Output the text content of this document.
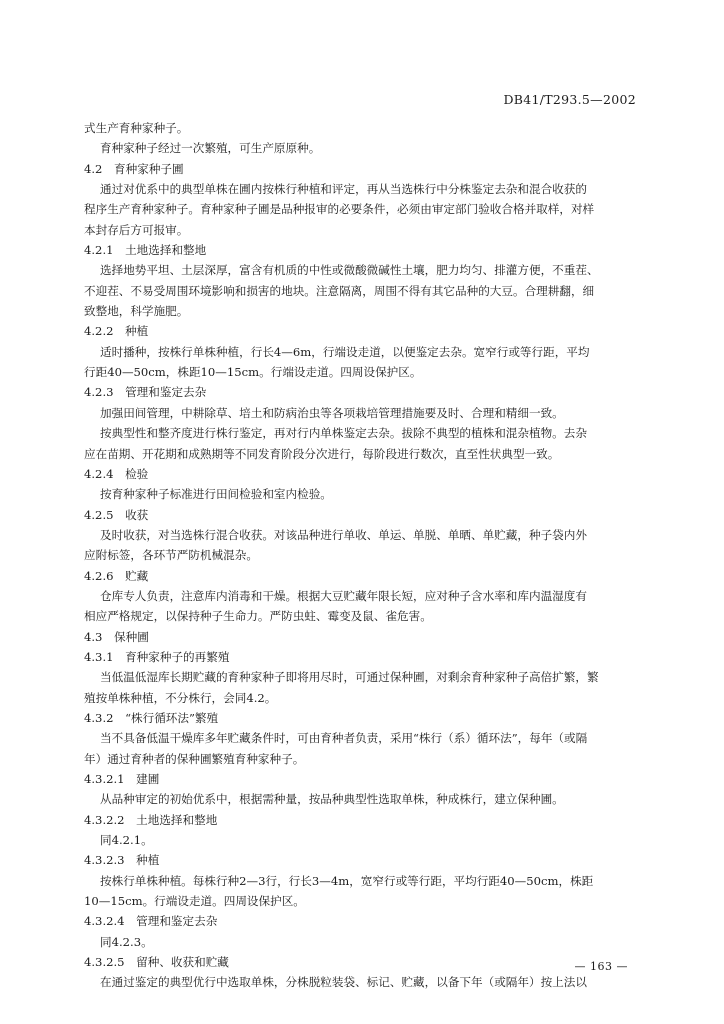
DB41/T293.5—2002
式生产育种家种子。
育种家种子经过一次繁殖，可生产原原种。
4.2　育种家种子圃
通过对优系中的典型单株在圃内按株行种植和评定，再从当选株行中分株鉴定去杂和混合收获的
程序生产育种家种子。育种家种子圃是品种报审的必要条件，必须由审定部门验收合格并取样，对样
本封存后方可报审。
4.2.1　土地选择和整地
选择地势平坦、土层深厚，富含有机质的中性或微酸微碱性土壤，肥力均匀、排灌方便，不重茬、
不迎茬、不易受周围环境影响和损害的地块。注意隔离，周围不得有其它品种的大豆。合理耕翻，细
致整地，科学施肥。
4.2.2　种植
适时播种，按株行单株种植，行长4—6m，行端设走道，以便鉴定去杂。宽窄行或等行距，平均
行距40—50cm，株距10—15cm。行端设走道。四周设保护区。
4.2.3　管理和鉴定去杂
加强田间管理，中耕除草、培土和防病治虫等各项栽培管理措施要及时、合理和精细一致。
按典型性和整齐度进行株行鉴定，再对行内单株鉴定去杂。拔除不典型的植株和混杂植物。去杂
应在苗期、开花期和成熟期等不同发育阶段分次进行，每阶段进行数次，直至性状典型一致。
4.2.4　检验
按育种家种子标准进行田间检验和室内检验。
4.2.5　收获
及时收获，对当选株行混合收获。对该品种进行单收、单运、单脱、单晒、单贮藏，种子袋内外
应附标签，各环节严防机械混杂。
4.2.6　贮藏
仓库专人负责，注意库内消毒和干燥。根据大豆贮藏年限长短，应对种子含水率和库内温湿度有
相应严格规定，以保持种子生命力。严防虫蛀、霉变及鼠、雀危害。
4.3　保种圃
4.3.1　育种家种子的再繁殖
当低温低湿库长期贮藏的育种家种子即将用尽时，可通过保种圃，对剩余育种家种子高倍扩繁，繁
殖按单株种植，不分株行，会同4.2。
4.3.2　“株行循环法”繁殖
当不具备低温干燥库多年贮藏条件时，可由育种者负责，采用“株行（系）循环法”，每年（或隔
年）通过育种者的保种圃繁殖育种家种子。
4.3.2.1　建圃
从品种审定的初始优系中，根据需种量，按品种典型性选取单株，种成株行，建立保种圃。
4.3.2.2　土地选择和整地
同4.2.1。
4.3.2.3　种植
按株行单株种植。每株行种2—3行，行长3—4m，宽窄行或等行距，平均行距40—50cm，株距
10—15cm。行端设走道。四周设保护区。
4.3.2.4　管理和鉴定去杂
同4.2.3。
4.3.2.5　留种、收获和贮藏
在通过鉴定的典型优行中选取单株，分株脱粒装袋、标记、贮藏，以备下年（或隔年）按上法以
— 163 —
